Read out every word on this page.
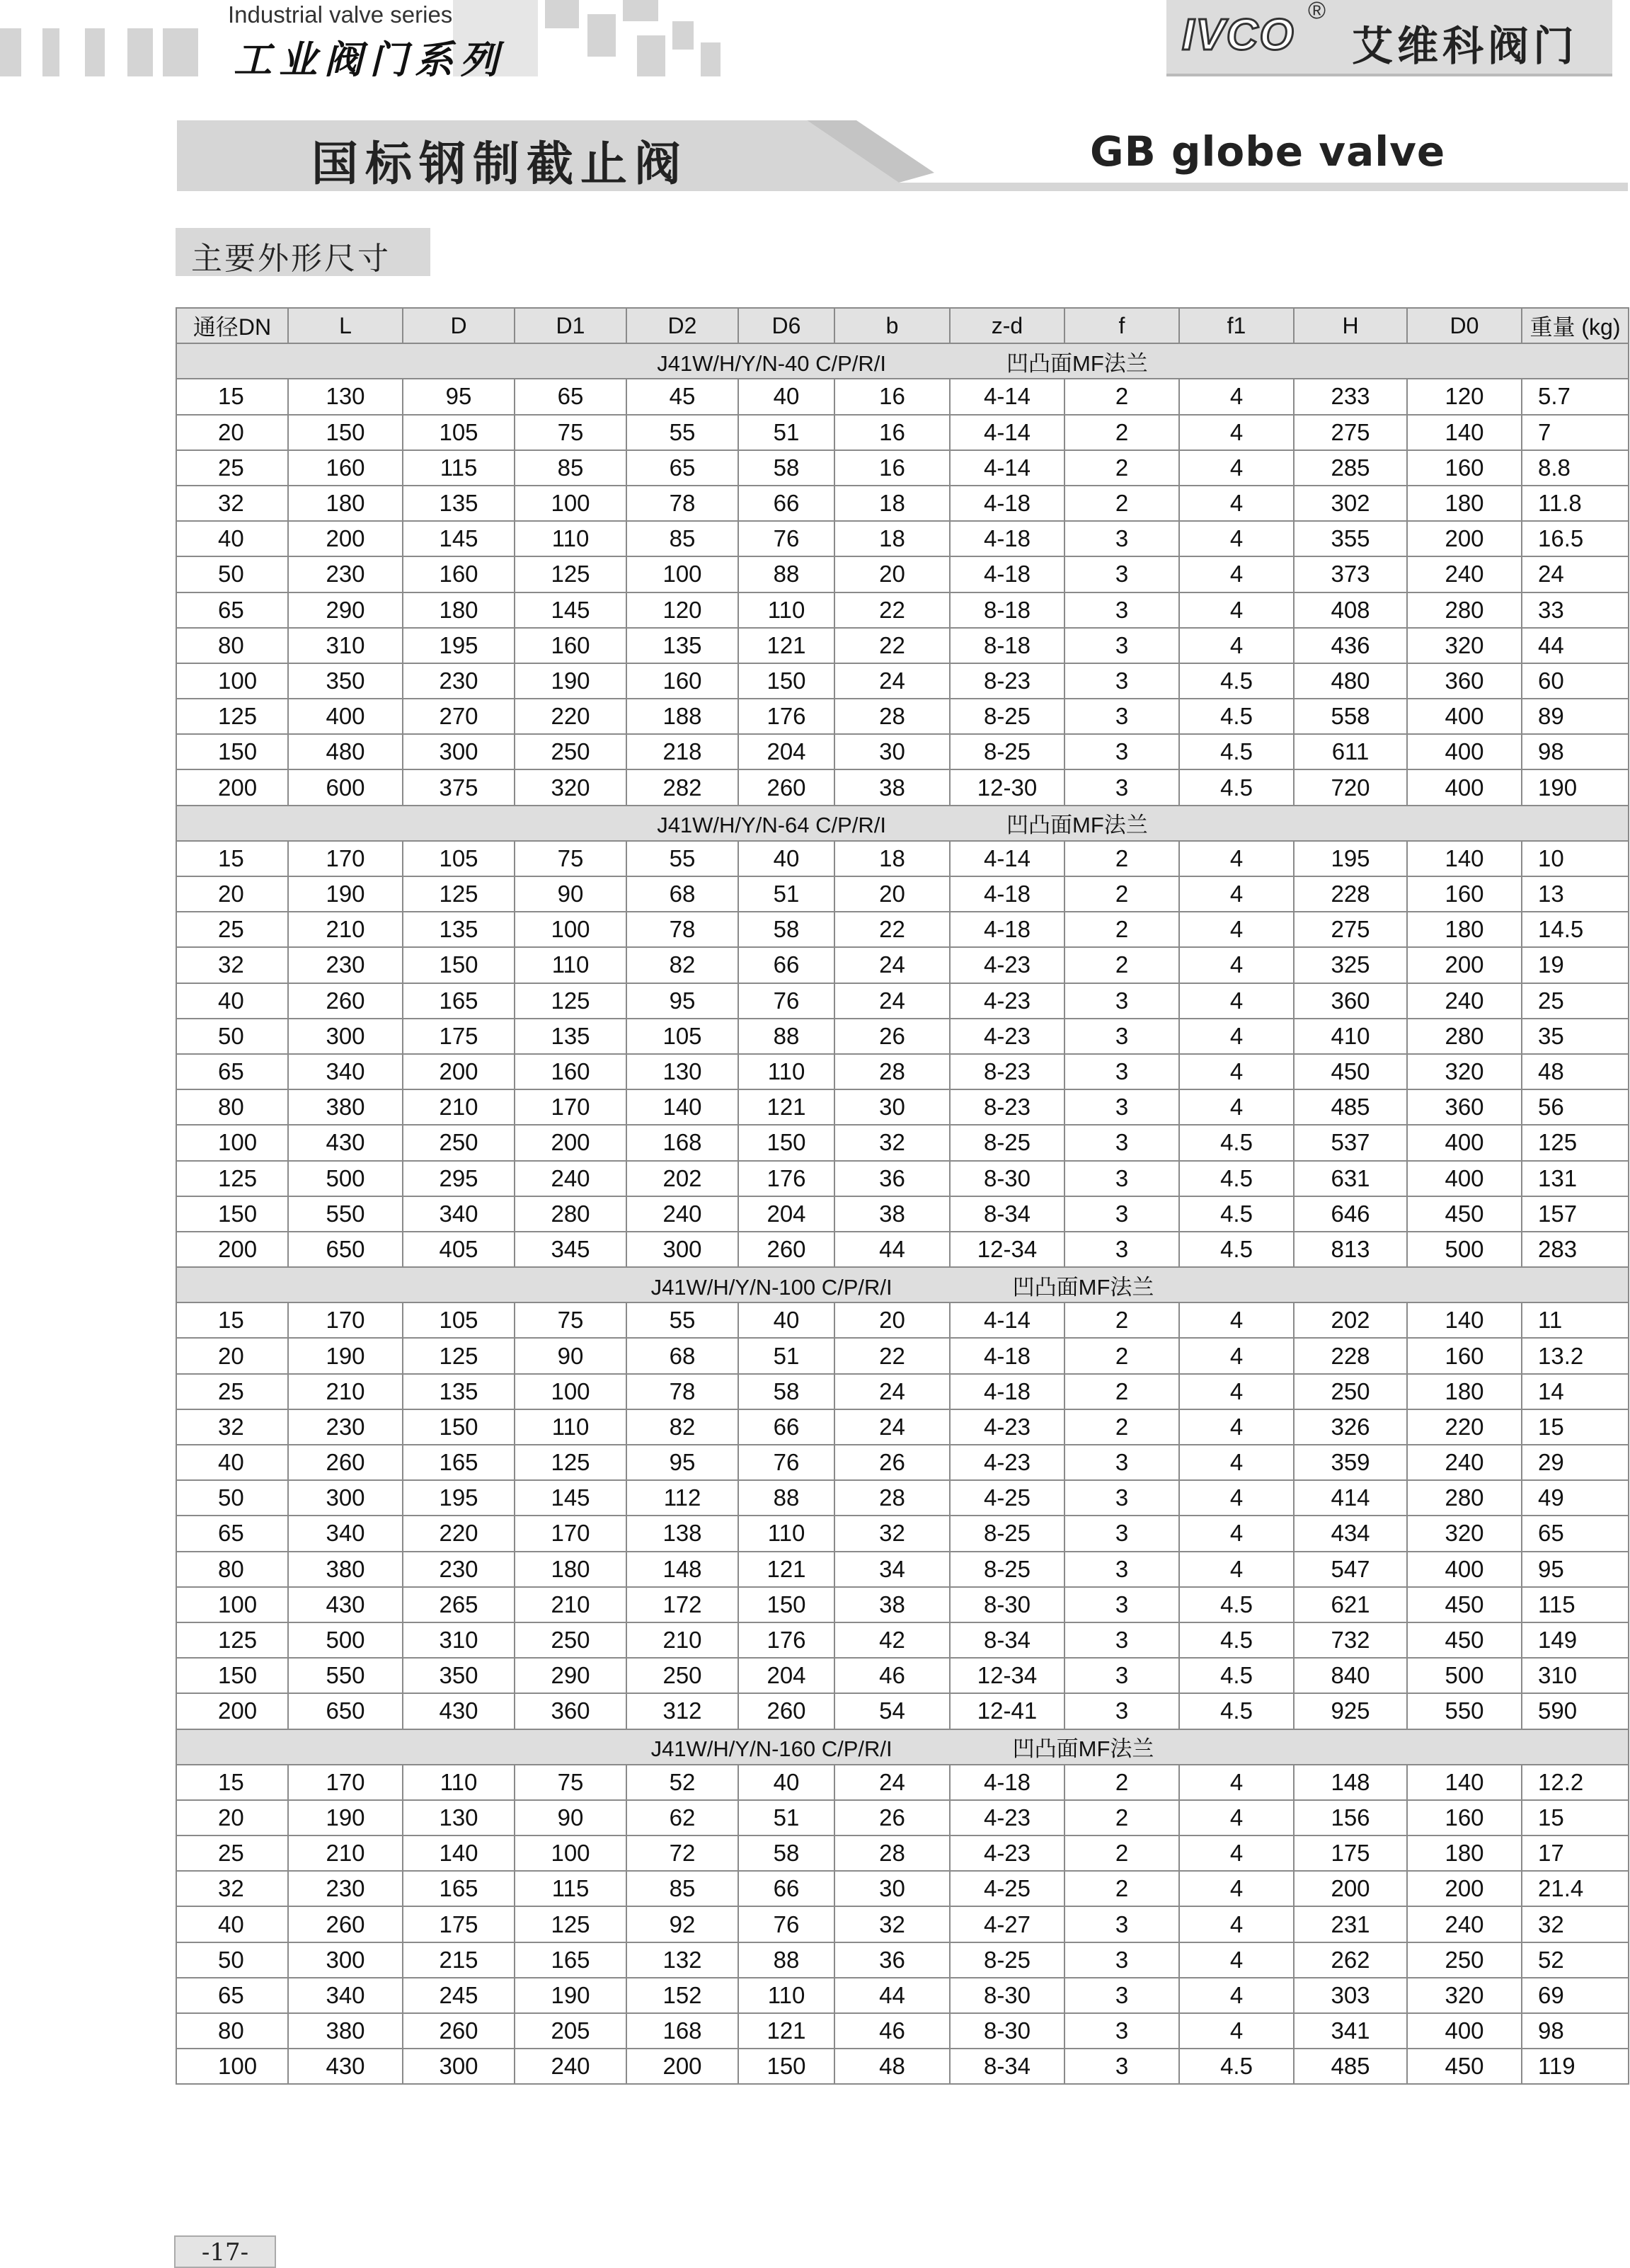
Industrial valve series
工业阀门系列	IVCO ®
艾维科阀门
国标钢制截止阀	GB globe valve
主要外形尺寸
通径DN	L	D	D1	D2	D6	b	z-d	f	f1	H	D0	重量 (kg)
J41W/H/Y/N-40 C/P/R/I 凹凸面MF法兰												
15	130	95	65	45	40	16	4-14	2	4	233	120	5.7
20	150	105	75	55	51	16	4-14	2	4	275	140	7
25	160	115	85	65	58	16	4-14	2	4	285	160	8.8
32	180	135	100	78	66	18	4-18	2	4	302	180	11.8
40	200	145	110	85	76	18	4-18	3	4	355	200	16.5
50	230	160	125	100	88	20	4-18	3	4	373	240	24
65	290	180	145	120	110	22	8-18	3	4	408	280	33
80	310	195	160	135	121	22	8-18	3	4	436	320	44
100	350	230	190	160	150	24	8-23	3	4.5	480	360	60
125	400	270	220	188	176	28	8-25	3	4.5	558	400	89
150	480	300	250	218	204	30	8-25	3	4.5	611	400	98
200	600	375	320	282	260	38	12-30	3	4.5	720	400	190
J41W/H/Y/N-64 C/P/R/I 凹凸面MF法兰												
15	170	105	75	55	40	18	4-14	2	4	195	140	10
20	190	125	90	68	51	20	4-18	2	4	228	160	13
25	210	135	100	78	58	22	4-18	2	4	275	180	14.5
32	230	150	110	82	66	24	4-23	2	4	325	200	19
40	260	165	125	95	76	24	4-23	3	4	360	240	25
50	300	175	135	105	88	26	4-23	3	4	410	280	35
65	340	200	160	130	110	28	8-23	3	4	450	320	48
80	380	210	170	140	121	30	8-23	3	4	485	360	56
100	430	250	200	168	150	32	8-25	3	4.5	537	400	125
125	500	295	240	202	176	36	8-30	3	4.5	631	400	131
150	550	340	280	240	204	38	8-34	3	4.5	646	450	157
200	650	405	345	300	260	44	12-34	3	4.5	813	500	283
J41W/H/Y/N-100 C/P/R/I 凹凸面MF法兰												
15	170	105	75	55	40	20	4-14	2	4	202	140	11
20	190	125	90	68	51	22	4-18	2	4	228	160	13.2
25	210	135	100	78	58	24	4-18	2	4	250	180	14
32	230	150	110	82	66	24	4-23	2	4	326	220	15
40	260	165	125	95	76	26	4-23	3	4	359	240	29
50	300	195	145	112	88	28	4-25	3	4	414	280	49
65	340	220	170	138	110	32	8-25	3	4	434	320	65
80	380	230	180	148	121	34	8-25	3	4	547	400	95
100	430	265	210	172	150	38	8-30	3	4.5	621	450	115
125	500	310	250	210	176	42	8-34	3	4.5	732	450	149
150	550	350	290	250	204	46	12-34	3	4.5	840	500	310
200	650	430	360	312	260	54	12-41	3	4.5	925	550	590
J41W/H/Y/N-160 C/P/R/I 凹凸面MF法兰												
15	170	110	75	52	40	24	4-18	2	4	148	140	12.2
20	190	130	90	62	51	26	4-23	2	4	156	160	15
25	210	140	100	72	58	28	4-23	2	4	175	180	17
32	230	165	115	85	66	30	4-25	2	4	200	200	21.4
40	260	175	125	92	76	32	4-27	3	4	231	240	32
50	300	215	165	132	88	36	8-25	3	4	262	250	52
65	340	245	190	152	110	44	8-30	3	4	303	320	69
80	380	260	205	168	121	46	8-30	3	4	341	400	98
100	430	300	240	200	150	48	8-34	3	4.5	485	450	119
-17-
